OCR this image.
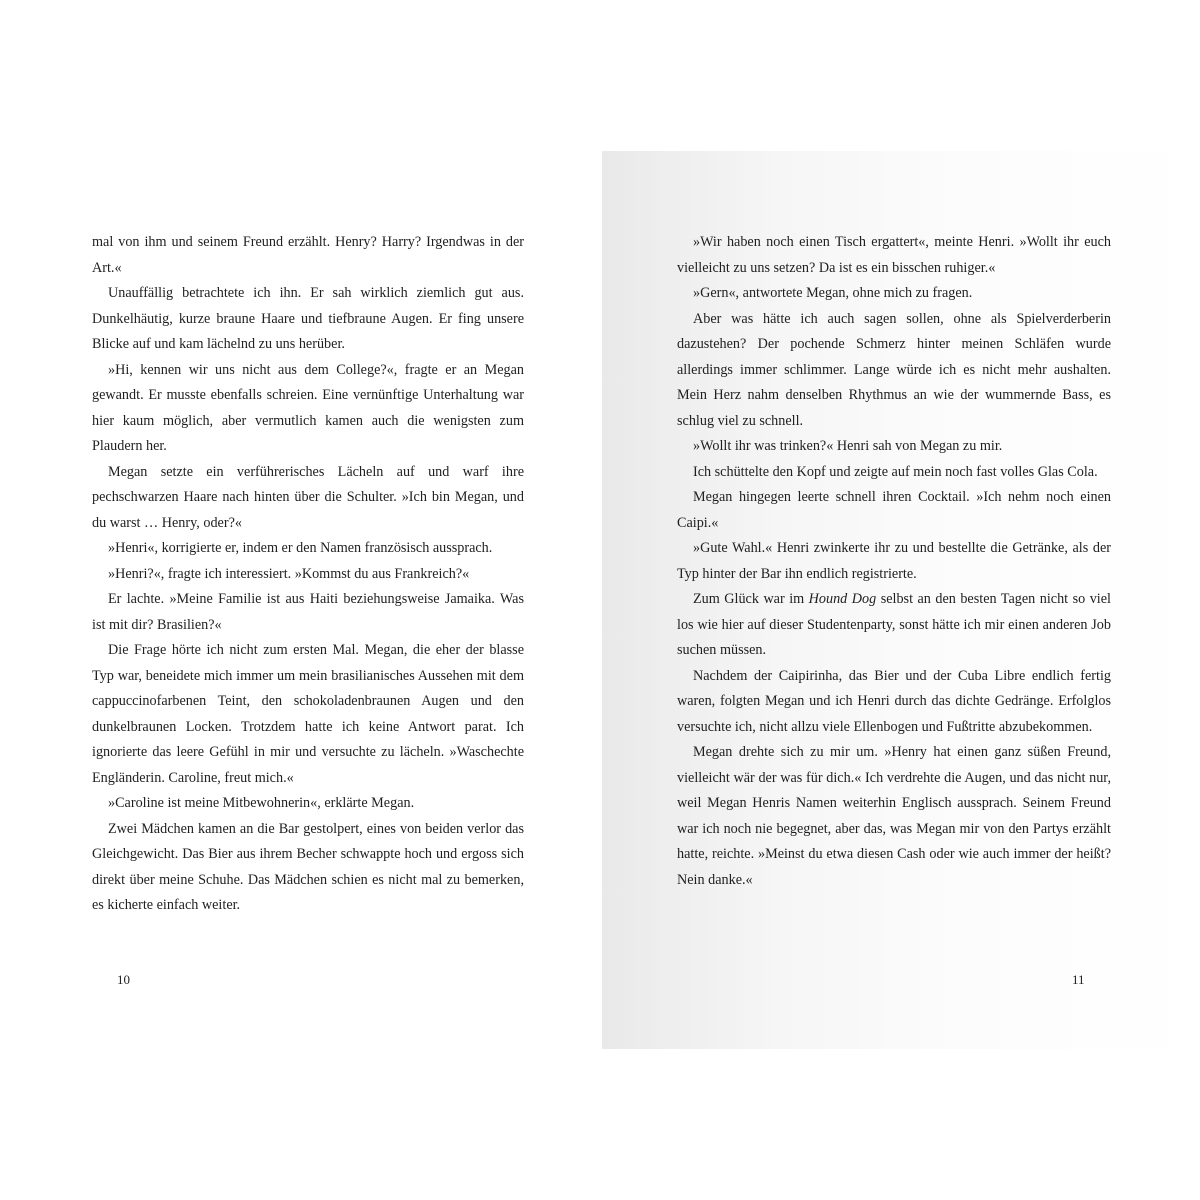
mal von ihm und seinem Freund erzählt. Henry? Harry? Irgendwas in der Art.«

Unauffällig betrachtete ich ihn. Er sah wirklich ziemlich gut aus. Dunkelhäutig, kurze braune Haare und tiefbraune Augen. Er fing unsere Blicke auf und kam lächelnd zu uns herüber.

»Hi, kennen wir uns nicht aus dem College?«, fragte er an Megan gewandt. Er musste ebenfalls schreien. Eine vernünftige Unterhaltung war hier kaum möglich, aber vermutlich kamen auch die wenigsten zum Plaudern her.

Megan setzte ein verführerisches Lächeln auf und warf ihre pechschwarzen Haare nach hinten über die Schulter. »Ich bin Megan, und du warst … Henry, oder?«

»Henri«, korrigierte er, indem er den Namen französisch aussprach.

»Henri?«, fragte ich interessiert. »Kommst du aus Frankreich?«

Er lachte. »Meine Familie ist aus Haiti beziehungsweise Jamaika. Was ist mit dir? Brasilien?«

Die Frage hörte ich nicht zum ersten Mal. Megan, die eher der blasse Typ war, beneidete mich immer um mein brasilianisches Aussehen mit dem cappuccinofarbenen Teint, den schokoladenbraunen Augen und den dunkelbraunen Locken. Trotzdem hatte ich keine Antwort parat. Ich ignorierte das leere Gefühl in mir und versuchte zu lächeln. »Waschechte Engländerin. Caroline, freut mich.«

»Caroline ist meine Mitbewohnerin«, erklärte Megan.

Zwei Mädchen kamen an die Bar gestolpert, eines von beiden verlor das Gleichgewicht. Das Bier aus ihrem Becher schwappte hoch und ergoss sich direkt über meine Schuhe. Das Mädchen schien es nicht mal zu bemerken, es kicherte einfach weiter.

10

»Wir haben noch einen Tisch ergattert«, meinte Henri. »Wollt ihr euch vielleicht zu uns setzen? Da ist es ein bisschen ruhiger.«

»Gern«, antwortete Megan, ohne mich zu fragen.

Aber was hätte ich auch sagen sollen, ohne als Spielverderberin dazustehen? Der pochende Schmerz hinter meinen Schläfen wurde allerdings immer schlimmer. Lange würde ich es nicht mehr aushalten. Mein Herz nahm denselben Rhythmus an wie der wummernde Bass, es schlug viel zu schnell.

»Wollt ihr was trinken?« Henri sah von Megan zu mir.

Ich schüttelte den Kopf und zeigte auf mein noch fast volles Glas Cola.

Megan hingegen leerte schnell ihren Cocktail. »Ich nehm noch einen Caipi.«

»Gute Wahl.« Henri zwinkerte ihr zu und bestellte die Getränke, als der Typ hinter der Bar ihn endlich registrierte.

Zum Glück war im Hound Dog selbst an den besten Tagen nicht so viel los wie hier auf dieser Studentenparty, sonst hätte ich mir einen anderen Job suchen müssen.

Nachdem der Caipirinha, das Bier und der Cuba Libre endlich fertig waren, folgten Megan und ich Henri durch das dichte Gedränge. Erfolglos versuchte ich, nicht allzu viele Ellenbogen und Fußtritte abzubekommen.

Megan drehte sich zu mir um. »Henry hat einen ganz süßen Freund, vielleicht wär der was für dich.« Ich verdrehte die Augen, und das nicht nur, weil Megan Henris Namen weiterhin Englisch aussprach. Seinem Freund war ich noch nie begegnet, aber das, was Megan mir von den Partys erzählt hatte, reichte. »Meinst du etwa diesen Cash oder wie auch immer der heißt? Nein danke.«

11
